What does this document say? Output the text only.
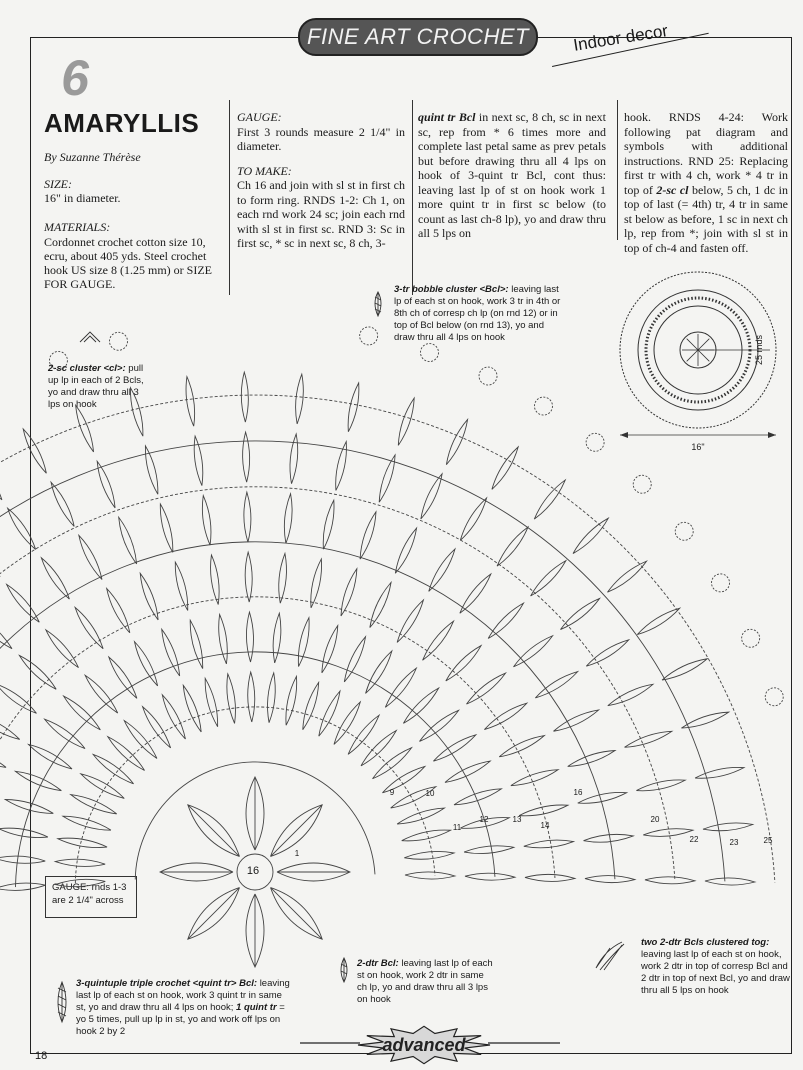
FINE ART CROCHET	Indoor decor
6
AMARYLLIS
By Suzanne Thérèse
SIZE:
16" in diameter.
MATERIALS:
Cordonnet crochet cotton size 10, ecru, about 405 yds. Steel crochet hook US size 8 (1.25 mm) or SIZE FOR GAUGE.
GAUGE:
First 3 rounds measure 2 1/4" in diameter.
TO MAKE:
Ch 16 and join with sl st in first ch to form ring. RNDS 1-2: Ch 1, on each rnd work 24 sc; join each rnd with sl st in first sc. RND 3: Sc in first sc, * sc in next sc, 8 ch, 3-
quint tr Bcl in next sc, 8 ch, sc in next sc, rep from * 6 times more and complete last petal same as prev petals but before drawing thru all 4 lps on hook of 3-quint tr Bcl, cont thus: leaving last lp of st on hook work 1 more quint tr in first sc below (to count as last ch-8 lp), yo and draw thru all 5 lps on
hook. RNDS 4-24: Work following pat diagram and symbols with additional instructions. RND 25: Replacing first tr with 4 ch, work * 4 tr in top of 2-sc cl below, 5 ch, 1 dc in top of last (= 4th) tr, 4 tr in same st below as before, 1 sc in next ch lp, rep from *; join with sl st in top of ch-4 and fasten off.
3-tr bobble cluster <Bcl>: leaving last lp of each st on hook, work 3 tr in 4th or 8th ch of corresp ch lp (on rnd 12) or in top of Bcl below (on rnd 13), yo and draw thru all 4 lps on hook
2-sc cluster <cl>: pull up lp in each of 2 Bcls, yo and draw thru all 3 lps on hook
3-quintuple triple crochet <quint tr> Bcl: leaving last lp of each st on hook, work 3 quint tr in same st, yo and draw thru all 4 lps on hook; 1 quint tr = yo 5 times, pull up lp in st, yo and work off lps on hook 2 by 2
2-dtr Bcl: leaving last lp of each st on hook, work 2 dtr in same ch lp, yo and draw thru all 3 lps on hook
two 2-dtr Bcls clustered tog: leaving last lp of each st on hook, work 2 dtr in top of corresp Bcl and 2 dtr in top of next Bcl, yo and draw thru all 5 lps on hook
GAUGE: rnds 1-3 are 2 1/4" across
16"
25 rnds
advanced
18
16
1
9	10
11
12	13
14
16
20
22	23	25
